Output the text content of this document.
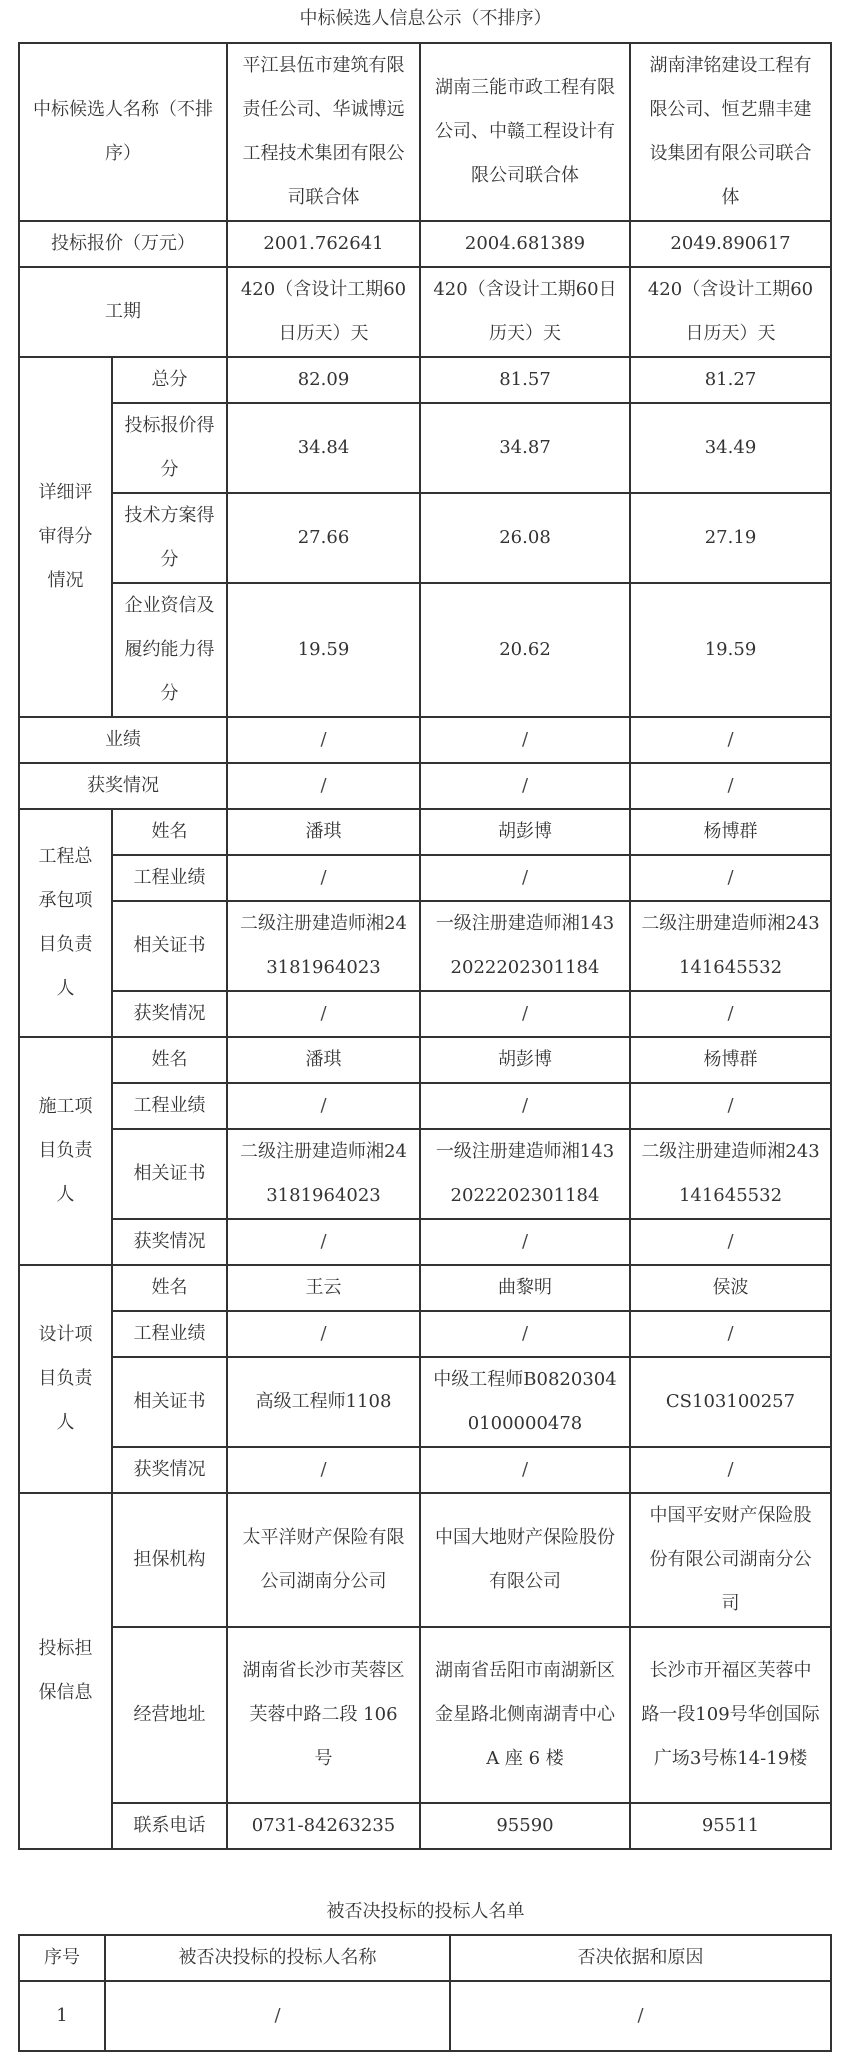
中标候选人信息公示（不排序）
中标候选人名称（不排序）		平江县伍市建筑有限责任公司、华诚博远工程技术集团有限公司联合体	湖南三能市政工程有限公司、中赣工程设计有限公司联合体	湖南津铭建设工程有限公司、恒艺鼎丰建设集团有限公司联合体
投标报价（万元）		2001.762641	2004.681389	2049.890617
工期		420（含设计工期60日历天）天	420（含设计工期60日历天）天	420（含设计工期60日历天）天
详细评审得分情况	总分	82.09	81.57	81.27
	投标报价得分	34.84	34.87	34.49
	技术方案得分	27.66	26.08	27.19
	企业资信及履约能力得分	19.59	20.62	19.59
业绩		/	/	/
获奖情况		/	/	/
工程总承包项目负责人	姓名	潘琪	胡彭博	杨博群
	工程业绩	/	/	/
	相关证书	二级注册建造师湘243181964023	一级注册建造师湘1432022202301184	二级注册建造师湘243141645532
	获奖情况	/	/	/
施工项目负责人	姓名	潘琪	胡彭博	杨博群
	工程业绩	/	/	/
	相关证书	二级注册建造师湘243181964023	一级注册建造师湘1432022202301184	二级注册建造师湘243141645532
	获奖情况	/	/	/
设计项目负责人	姓名	王云	曲黎明	侯波
	工程业绩	/	/	/
	相关证书	高级工程师1108	中级工程师B08203040100000478	CS103100257
	获奖情况	/	/	/
投标担保信息	担保机构	太平洋财产保险有限公司湖南分公司	中国大地财产保险股份有限公司	中国平安财产保险股份有限公司湖南分公司
	经营地址	湖南省长沙市芙蓉区芙蓉中路二段 106 号	湖南省岳阳市南湖新区金星路北侧南湖青中心 A 座 6 楼	长沙市开福区芙蓉中路一段109号华创国际广场3号栋14-19楼
	联系电话	0731-84263235	95590	95511
被否决投标的投标人名单
序号	被否决投标的投标人名称	否决依据和原因
1	/	/
